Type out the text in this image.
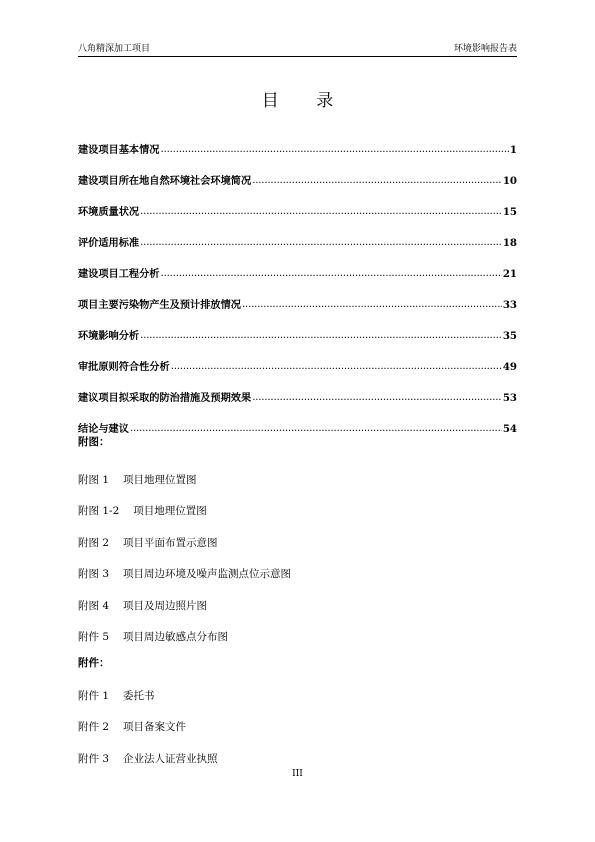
八角精深加工项目	环境影响报告表
目 录
建设项目基本情况 .....	1
建设项目所在地自然环境社会环境简况 .....	10
环境质量状况 .....	15
评价适用标准 .....	18
建设项目工程分析 .....	21
项目主要污染物产生及预计排放情况 .....	33
环境影响分析 .....	35
审批原则符合性分析 .....	49
建议项目拟采取的防治措施及预期效果 .....	53
结论与建议 .....	54
附图：
附图 1 项目地理位置图
附图 1-2 项目地理位置图
附图 2 项目平面布置示意图
附图 3 项目周边环境及噪声监测点位示意图
附图 4 项目及周边照片图
附件 5 项目周边敏感点分布图
附件：
附件 1 委托书
附件 2 项目备案文件
附件 3 企业法人证营业执照
III
